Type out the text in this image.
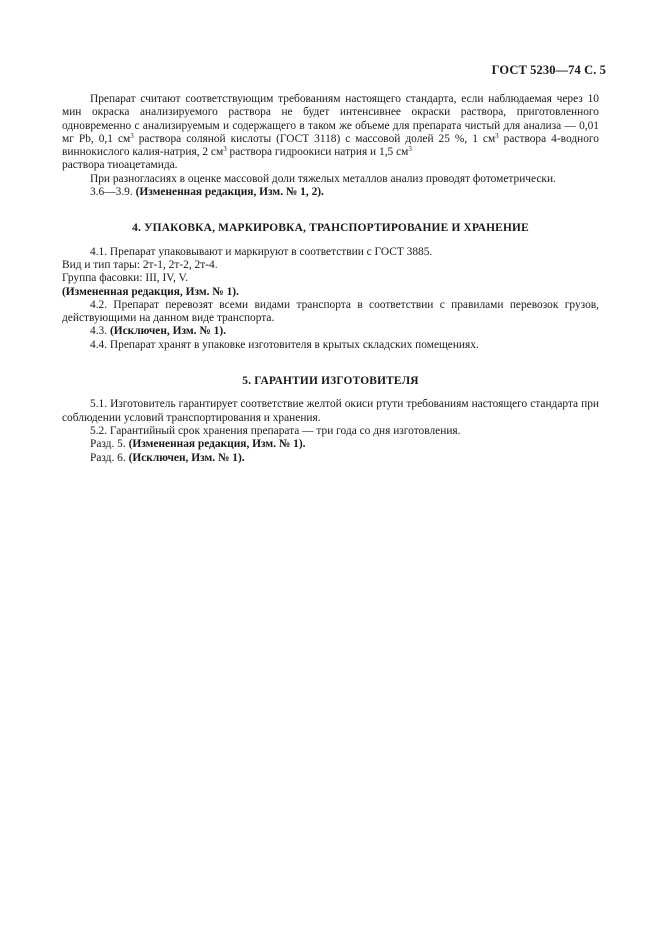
ГОСТ 5230—74 С. 5

Препарат считают соответствующим требованиям настоящего стандарта, если наблюдаемая через 10 мин окраска анализируемого раствора не будет интенсивнее окраски раствора, приготовленного одновременно с анализируемым и содержащего в таком же объеме для препарата чистый для анализа — 0,01 мг Pb, 0,1 $см^3$ раствора соляной кислоты (ГОСТ 3118) с массовой долей 25 %, 1 $см^3$ раствора 4-водного виннокислого калия-натрия, 2 $см^3$ раствора гидроокиси натрия и 1,5 $см^3$
раствора тиоацетамида.

При разногласиях в оценке массовой доли тяжелых металлов анализ проводят фотометрически.

3.6—3.9. (Измененная редакция, Изм. № 1, 2).

4. УПАКОВКА, МАРКИРОВКА, ТРАНСПОРТИРОВАНИЕ И ХРАНЕНИЕ

4.1. Препарат упаковывают и маркируют в соответствии с ГОСТ 3885.

Вид и тип тары: 2т-1, 2т-2, 2т-4.

Группа фасовки: III, IV, V.

(Измененная редакция, Изм. № 1).

4.2. Препарат перевозят всеми видами транспорта в соответствии с правилами перевозок грузов, действующими на данном виде транспорта.

4.3. (Исключен, Изм. № 1).

4.4. Препарат хранят в упаковке изготовителя в крытых складских помещениях.

5. ГАРАНТИИ ИЗГОТОВИТЕЛЯ

5.1. Изготовитель гарантирует соответствие желтой окиси ртути требованиям настоящего стандарта при соблюдении условий транспортирования и хранения.

5.2. Гарантийный срок хранения препарата — три года со дня изготовления.

Разд. 5. (Измененная редакция, Изм. № 1).

Разд. 6. (Исключен, Изм. № 1).
